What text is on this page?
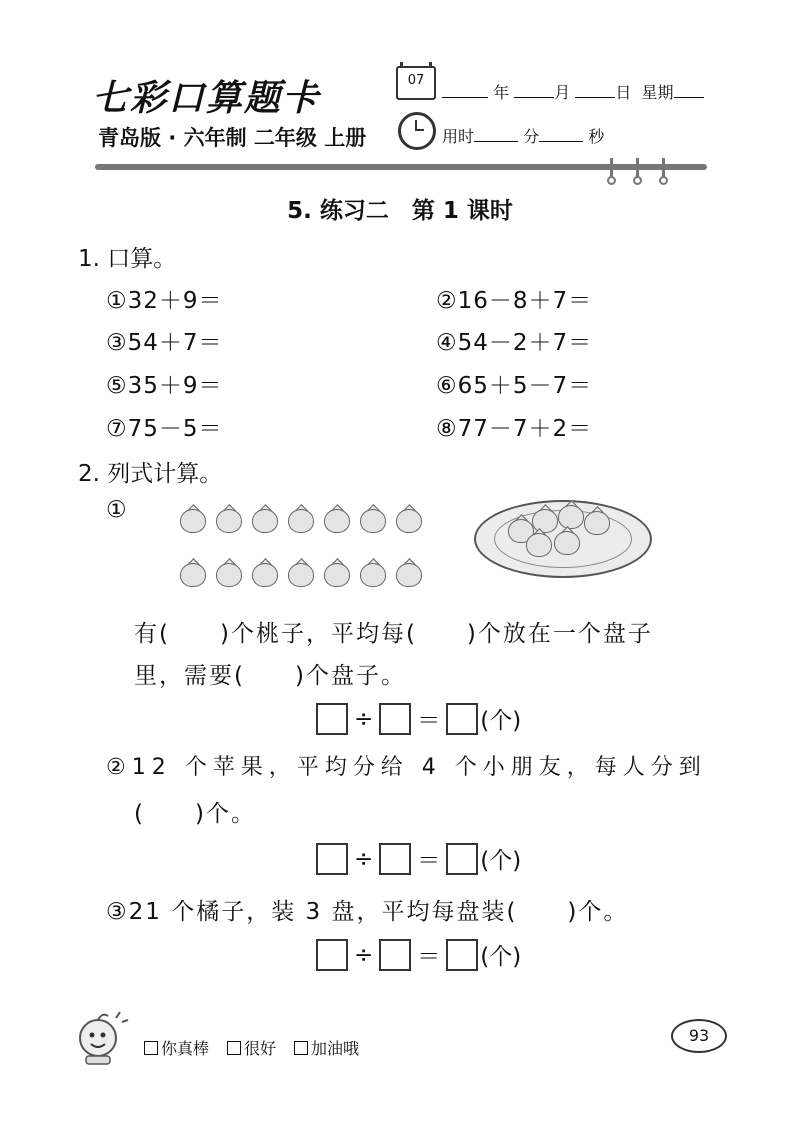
七彩口算题卡
青岛版 · 六年制 二年级 上册
07
年	月	日 星期
用时	分	秒
5. 练习二　第 1 课时
1. 口算。
①32＋9＝	②16－8＋7＝
③54＋7＝	④54－2＋7＝
⑤35＋9＝	⑥65＋5－7＝
⑦75－5＝	⑧77－7＋2＝
2. 列式计算。
①
有(　　)个桃子，平均每(　　)个放在一个盘子
里，需要(　　)个盘子。
÷ ＝ (个)
②12 个苹果，平均分给 4 个小朋友，每人分到
(　　)个。
÷ ＝ (个)
③21 个橘子，装 3 盘，平均每盘装(　　)个。
÷ ＝ (个)
你真棒	很好	加油哦
93
